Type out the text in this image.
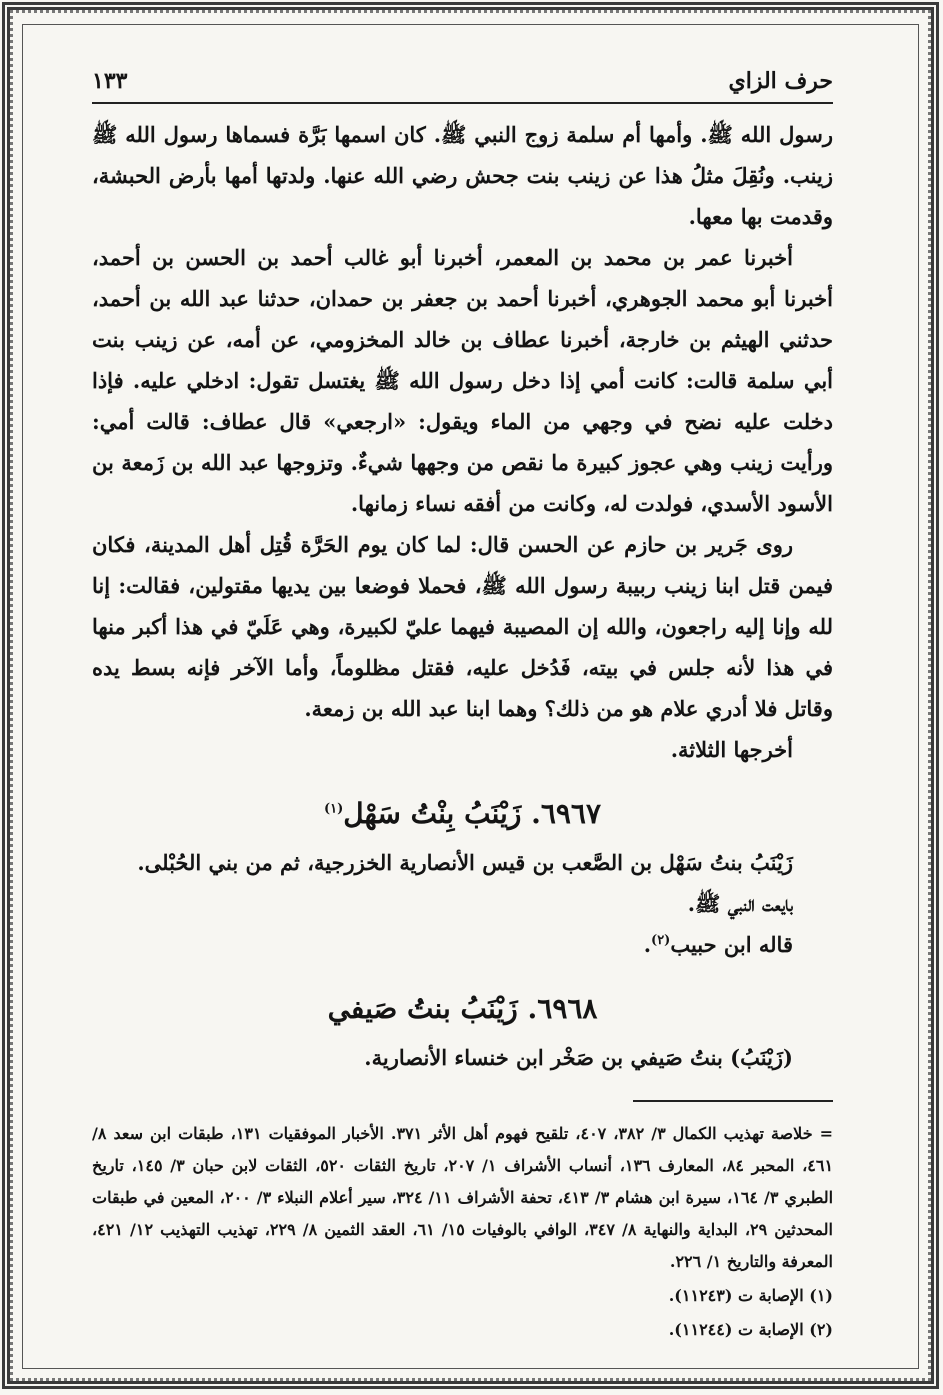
حرف الزاي
١٣٣

رسول الله ﷺ. وأمها أم سلمة زوج النبي ﷺ. كان اسمها بَرَّة فسماها رسول الله ﷺ زينب. ونُقِلَ مثلُ هذا عن زينب بنت جحش رضي الله عنها. ولدتها أمها بأرض الحبشة، وقدمت بها معها.

أخبرنا عمر بن محمد بن المعمر، أخبرنا أبو غالب أحمد بن الحسن بن أحمد، أخبرنا أبو محمد الجوهري، أخبرنا أحمد بن جعفر بن حمدان، حدثنا عبد الله بن أحمد، حدثني الهيثم بن خارجة، أخبرنا عطاف بن خالد المخزومي، عن أمه، عن زينب بنت أبي سلمة قالت: كانت أمي إذا دخل رسول الله ﷺ يغتسل تقول: ادخلي عليه. فإذا دخلت عليه نضح في وجهي من الماء ويقول: «ارجعي» قال عطاف: قالت أمي: ورأيت زينب وهي عجوز كبيرة ما نقص من وجهها شيءٌ. وتزوجها عبد الله بن زَمعة بن الأسود الأسدي، فولدت له، وكانت من أفقه نساء زمانها.

روى جَرير بن حازم عن الحسن قال: لما كان يوم الحَرَّة قُتِل أهل المدينة، فكان فيمن قتل ابنا زينب ربيبة رسول الله ﷺ، فحملا فوضعا بين يديها مقتولين، فقالت: إنا لله وإنا إليه راجعون، والله إن المصيبة فيهما عليّ لكبيرة، وهي عَلَيّ في هذا أكبر منها في هذا لأنه جلس في بيته، فَدُخل عليه، فقتل مظلوماً، وأما الآخر فإنه بسط يده وقاتل فلا أدري علام هو من ذلك؟ وهما ابنا عبد الله بن زمعة.

أخرجها الثلاثة.

٦٩٦٧. زَيْنَبُ بِنْتُ سَهْل$^{(١)}$

زَيْنَبُ بنتُ سَهْل بن الصَّعب بن قيس الأنصارية الخزرجية، ثم من بني الحُبْلى.

بايعت النبي ﷺ.

قاله ابن حبيب$^{(٢)}$.

٦٩٦٨. زَيْنَبُ بنتُ صَيفي

(زَيْنَبُ) بنتُ صَيفي بن صَخْر ابن خنساء الأنصارية.

= خلاصة تهذيب الكمال ٣/ ٣٨٢، ٤٠٧، تلقيح فهوم أهل الأثر ٣٧١. الأخبار الموفقيات ١٣١، طبقات ابن سعد ٨/ ٤٦١، المحبر ٨٤، المعارف ١٣٦، أنساب الأشراف ١/ ٢٠٧، تاريخ الثقات ٥٢٠، الثقات لابن حبان ٣/ ١٤٥، تاريخ الطبري ٣/ ١٦٤، سيرة ابن هشام ٣/ ٤١٣، تحفة الأشراف ١١/ ٣٢٤، سير أعلام النبلاء ٣/ ٢٠٠، المعين في طبقات المحدثين ٢٩، البداية والنهاية ٨/ ٣٤٧، الوافي بالوفيات ١٥/ ٦١، العقد الثمين ٨/ ٢٢٩، تهذيب التهذيب ١٢/ ٤٢١، المعرفة والتاريخ ١/ ٢٢٦.
(١) الإصابة ت (١١٢٤٣).
(٢) الإصابة ت (١١٢٤٤).
